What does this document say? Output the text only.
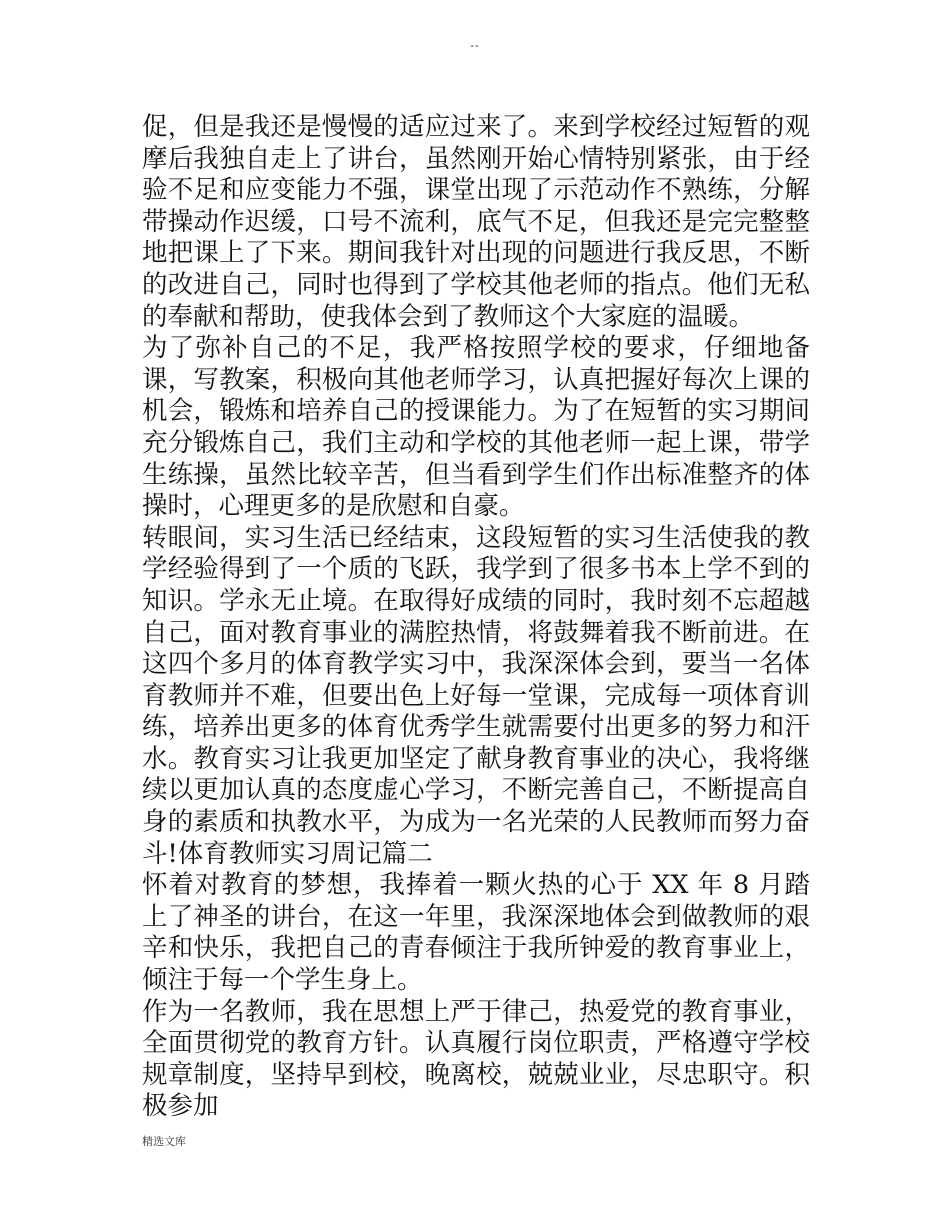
--

促，但是我还是慢慢的适应过来了。来到学校经过短暂的观摩后我独自走上了讲台，虽然刚开始心情特别紧张，由于经验不足和应变能力不强，课堂出现了示范动作不熟练，分解带操动作迟缓，口号不流利，底气不足，但我还是完完整整地把课上了下来。期间我针对出现的问题进行我反思，不断的改进自己，同时也得到了学校其他老师的指点。他们无私的奉献和帮助，使我体会到了教师这个大家庭的温暖。

为了弥补自己的不足，我严格按照学校的要求，仔细地备课，写教案，积极向其他老师学习，认真把握好每次上课的机会，锻炼和培养自己的授课能力。为了在短暂的实习期间充分锻炼自己，我们主动和学校的其他老师一起上课，带学生练操，虽然比较辛苦，但当看到学生们作出标准整齐的体操时，心理更多的是欣慰和自豪。

转眼间，实习生活已经结束，这段短暂的实习生活使我的教学经验得到了一个质的飞跃，我学到了很多书本上学不到的知识。学永无止境。在取得好成绩的同时，我时刻不忘超越自己，面对教育事业的满腔热情，将鼓舞着我不断前进。在这四个多月的体育教学实习中，我深深体会到，要当一名体育教师并不难，但要出色上好每一堂课，完成每一项体育训练，培养出更多的体育优秀学生就需要付出更多的努力和汗水。教育实习让我更加坚定了献身教育事业的决心，我将继续以更加认真的态度虚心学习，不断完善自己，不断提高自身的素质和执教水平，为成为一名光荣的人民教师而努力奋斗!体育教师实习周记篇二

怀着对教育的梦想，我捧着一颗火热的心于 XX 年 8 月踏上了神圣的讲台，在这一年里，我深深地体会到做教师的艰辛和快乐，我把自己的青春倾注于我所钟爱的教育事业上，倾注于每一个学生身上。

作为一名教师，我在思想上严于律己，热爱党的教育事业，全面贯彻党的教育方针。认真履行岗位职责，严格遵守学校规章制度，坚持早到校，晚离校，兢兢业业，尽忠职守。积极参加

精选文库
